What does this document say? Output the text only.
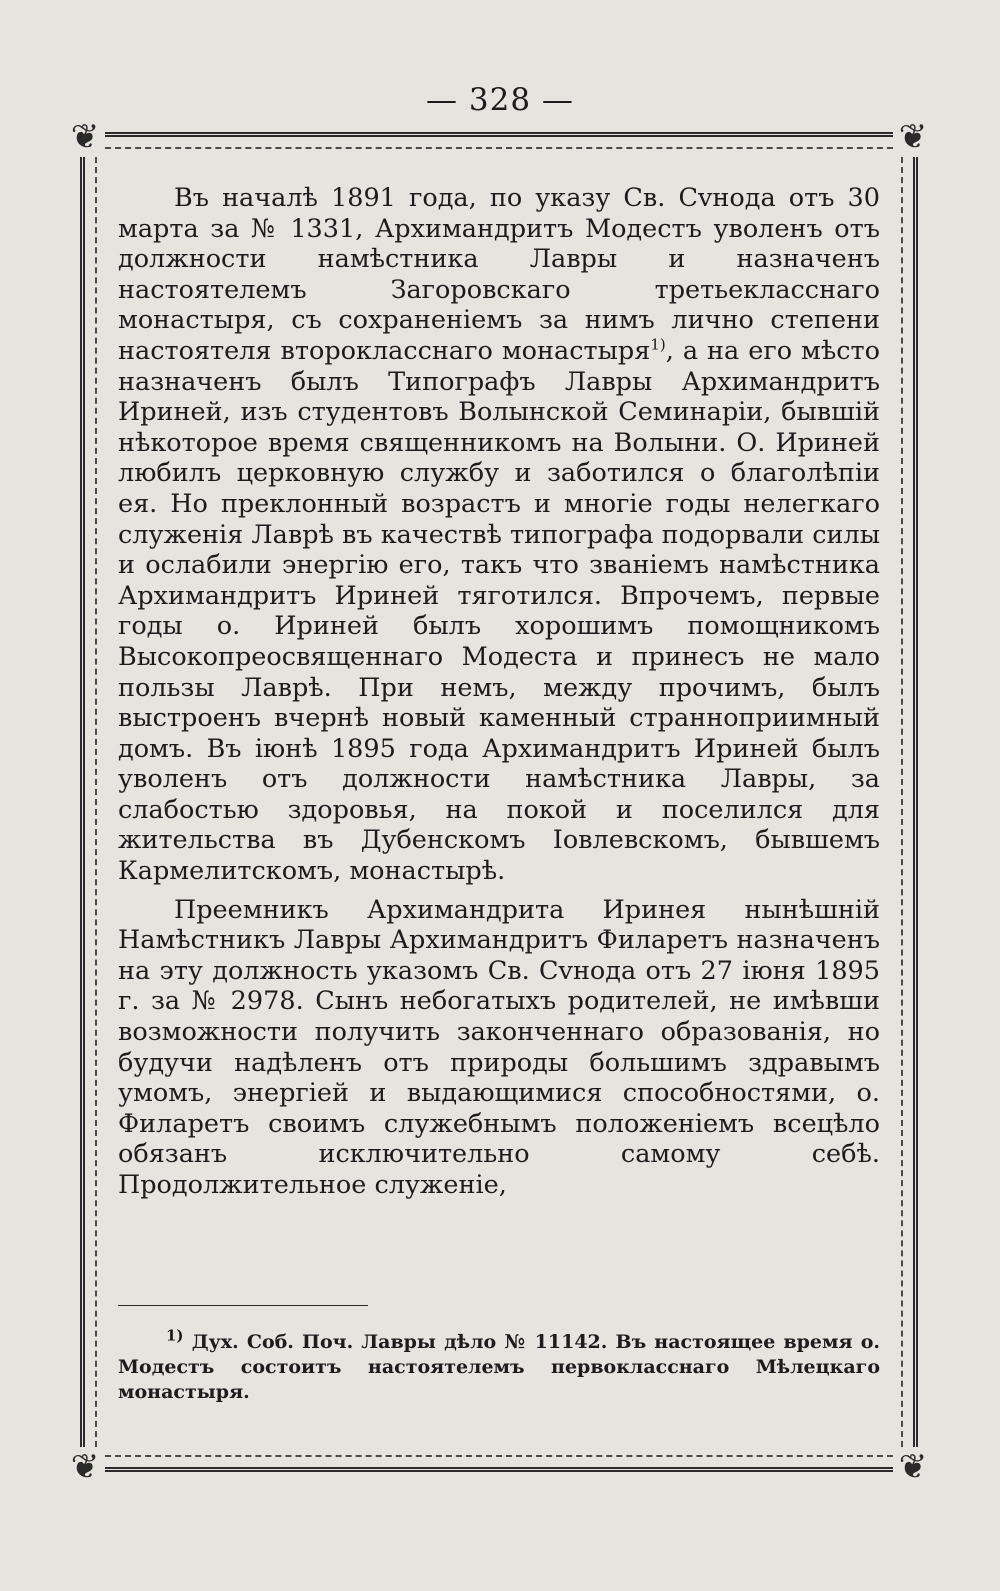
— 328 —
❦	❦
❦	❦

Въ началѣ 1891 года, по указу Св. Сvнода отъ 30 марта за № 1331, Архимандритъ Модестъ уволенъ отъ должности намѣстника Лавры и назначенъ настоятелемъ Загоровскаго третьекласснаго монастыря, съ сохраненіемъ за нимъ лично степени настоятеля второкласснаго монастыря$^{1)}$, а на его мѣсто назначенъ былъ Типографъ Лавры Архимандритъ Ириней, изъ студентовъ Волынской Семинаріи, бывшій нѣкоторое время священникомъ на Волыни. О. Ириней любилъ церковную службу и заботился о благолѣпіи ея. Но преклонный возрастъ и многіе годы нелегкаго служенія Лаврѣ въ качествѣ типографа подорвали силы и ослабили энергію его, такъ что званіемъ намѣстника Архимандритъ Ириней тяготился. Впрочемъ, первые годы о. Ириней былъ хорошимъ помощникомъ Высокопреосвященнаго Модеста и принесъ не мало пользы Лаврѣ. При немъ, между прочимъ, былъ выстроенъ вчернѣ новый каменный странноприимный домъ. Въ іюнѣ 1895 года Архимандритъ Ириней былъ уволенъ отъ должности намѣстника Лавры, за слабостью здоровья, на покой и поселился для жительства въ Дубенскомъ Іовлевскомъ, бывшемъ Кармелитскомъ, монастырѣ.

Преемникъ Архимандрита Иринея нынѣшній Намѣстникъ Лавры Архимандритъ Филаретъ назначенъ на эту должность указомъ Св. Сvнода отъ 27 іюня 1895 г. за № 2978. Сынъ небогатыхъ родителей, не имѣвши возможности получить законченнаго образованія, но будучи надѣленъ отъ природы большимъ здравымъ умомъ, энергіей и выдающимися способностями, о. Филаретъ своимъ служебнымъ положеніемъ всецѣло обязанъ исключительно самому себѣ. Продолжительное служеніе,

$^{1)}$ Дух. Соб. Поч. Лавры дѣло № 11142. Въ настоящее время о. Модестъ состоитъ настоятелемъ первокласснаго Мѣлецкаго монастыря.
